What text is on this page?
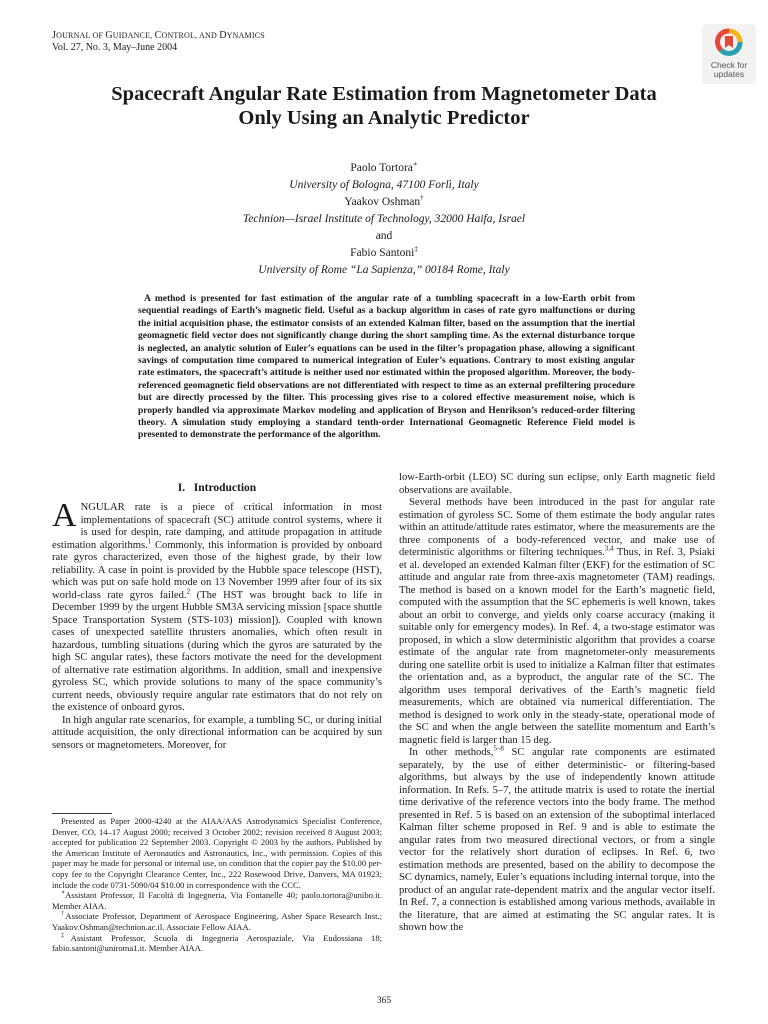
JOURNAL OF GUIDANCE, CONTROL, AND DYNAMICS
Vol. 27, No. 3, May–June 2004
Check for
updates
Spacecraft Angular Rate Estimation from Magnetometer Data
Only Using an Analytic Predictor
Paolo Tortora∗
University of Bologna, 47100 Forlì, Italy
Yaakov Oshman†
Technion—Israel Institute of Technology, 32000 Haifa, Israel
and
Fabio Santoni‡
University of Rome “La Sapienza,” 00184 Rome, Italy
A method is presented for fast estimation of the angular rate of a tumbling spacecraft in a low-Earth orbit from sequential readings of Earth’s magnetic field. Useful as a backup algorithm in cases of rate gyro malfunctions or during the initial acquisition phase, the estimator consists of an extended Kalman filter, based on the assumption that the inertial geomagnetic field vector does not significantly change during the short sampling time. As the external disturbance torque is neglected, an analytic solution of Euler’s equations can be used in the filter’s propagation phase, allowing a significant savings of computation time compared to numerical integration of Euler’s equations. Contrary to most existing angular rate estimators, the spacecraft’s attitude is neither used nor estimated within the proposed algorithm. Moreover, the body-referenced geomagnetic field observations are not differentiated with respect to time as an external prefiltering procedure but are directly processed by the filter. This processing gives rise to a colored effective measurement noise, which is properly handled via approximate Markov modeling and application of Bryson and Henrikson’s reduced-order filtering theory. A simulation study employing a standard tenth-order International Geomagnetic Reference Field model is presented to demonstrate the performance of the algorithm.
I. Introduction

ANGULAR rate is a piece of critical information in most implementations of spacecraft (SC) attitude control systems, where it is used for despin, rate damping, and attitude propagation in attitude estimation algorithms.$^1$ Commonly, this information is provided by onboard rate gyros characterized, even those of the highest grade, by their low reliability. A case in point is provided by the Hubble space telescope (HST), which was put on safe hold mode on 13 November 1999 after four of its six world-class rate gyros failed.$^2$ (The HST was brought back to life in December 1999 by the urgent Hubble SM3A servicing mission [space shuttle Space Transportation System (STS-103) mission]). Coupled with known cases of unexpected satellite thrusters anomalies, which often result in hazardous, tumbling situations (during which the gyros are saturated by the high SC angular rates), these factors motivate the need for the development of alternative rate estimation algorithms. In addition, small and inexpensive gyroless SC, which provide solutions to many of the space community’s current needs, obviously require angular rate estimators that do not rely on the existence of onboard gyros.

In high angular rate scenarios, for example, a tumbling SC, or during initial attitude acquisition, the only directional information can be acquired by sun sensors or magnetometers. Moreover, for

Presented as Paper 2000-4240 at the AIAA/AAS Astrodynamics Specialist Conference, Denver, CO, 14–17 August 2000; received 3 October 2002; revision received 8 August 2003; accepted for publication 22 September 2003. Copyright © 2003 by the authors. Published by the American Institute of Aeronautics and Astronautics, Inc., with permission. Copies of this paper may be made for personal or internal use, on condition that the copier pay the $10.00 per-copy fee to the Copyright Clearance Center, Inc., 222 Rosewood Drive, Danvers, MA 01923; include the code 0731-5090/04 $10.00 in correspondence with the CCC.

∗Assistant Professor, II Facoltà di Ingegneria, Via Fontanelle 40; paolo.tortora@unibo.it. Member AIAA.

†Associate Professor, Department of Aerospace Engineering, Asher Space Research Inst.; Yaakov.Oshman@technion.ac.il. Associate Fellow AIAA.

‡Assistant Professor, Scuola di Ingegneria Aerospaziale, Via Eudossiana 18; fabio.santoni@uniroma1.it. Member AIAA.

low-Earth-orbit (LEO) SC during sun eclipse, only Earth magnetic field observations are available.

Several methods have been introduced in the past for angular rate estimation of gyroless SC. Some of them estimate the body angular rates within an attitude/attitude rates estimator, where the measurements are the three components of a body-referenced vector, and make use of deterministic algorithms or filtering techniques.$^{3,4}$ Thus, in Ref. 3, Psiaki et al. developed an extended Kalman filter (EKF) for the estimation of SC attitude and angular rate from three-axis magnetometer (TAM) readings. The method is based on a known model for the Earth’s magnetic field, computed with the assumption that the SC ephemeris is well known, takes about an orbit to converge, and yields only coarse accuracy (making it suitable only for emergency modes). In Ref. 4, a two-stage estimator was proposed, in which a slow deterministic algorithm that provides a coarse estimate of the angular rate from magnetometer-only measurements during one satellite orbit is used to initialize a Kalman filter that estimates the orientation and, as a byproduct, the angular rate of the SC. The algorithm uses temporal derivatives of the Earth’s magnetic field measurements, which are obtained via numerical differentiation. The method is designed to work only in the steady-state, operational mode of the SC and when the angle between the satellite momentum and Earth’s magnetic field is larger than 15 deg.

In other methods,$^{5-8}$ SC angular rate components are estimated separately, by the use of either deterministic- or filtering-based algorithms, but always by the use of independently known attitude information. In Refs. 5–7, the attitude matrix is used to rotate the inertial time derivative of the reference vectors into the body frame. The method presented in Ref. 5 is based on an extension of the suboptimal interlaced Kalman filter scheme proposed in Ref. 9 and is able to estimate the angular rates from two measured directional vectors, or from a single vector for the relatively short duration of eclipses. In Ref. 6, two estimation methods are presented, based on the ability to decompose the SC dynamics, namely, Euler’s equations including internal torque, into the product of an angular rate-dependent matrix and the angular vector itself. In Ref. 7, a connection is established among various methods, available in the literature, that are aimed at estimating the SC angular rates. It is shown how the

365
